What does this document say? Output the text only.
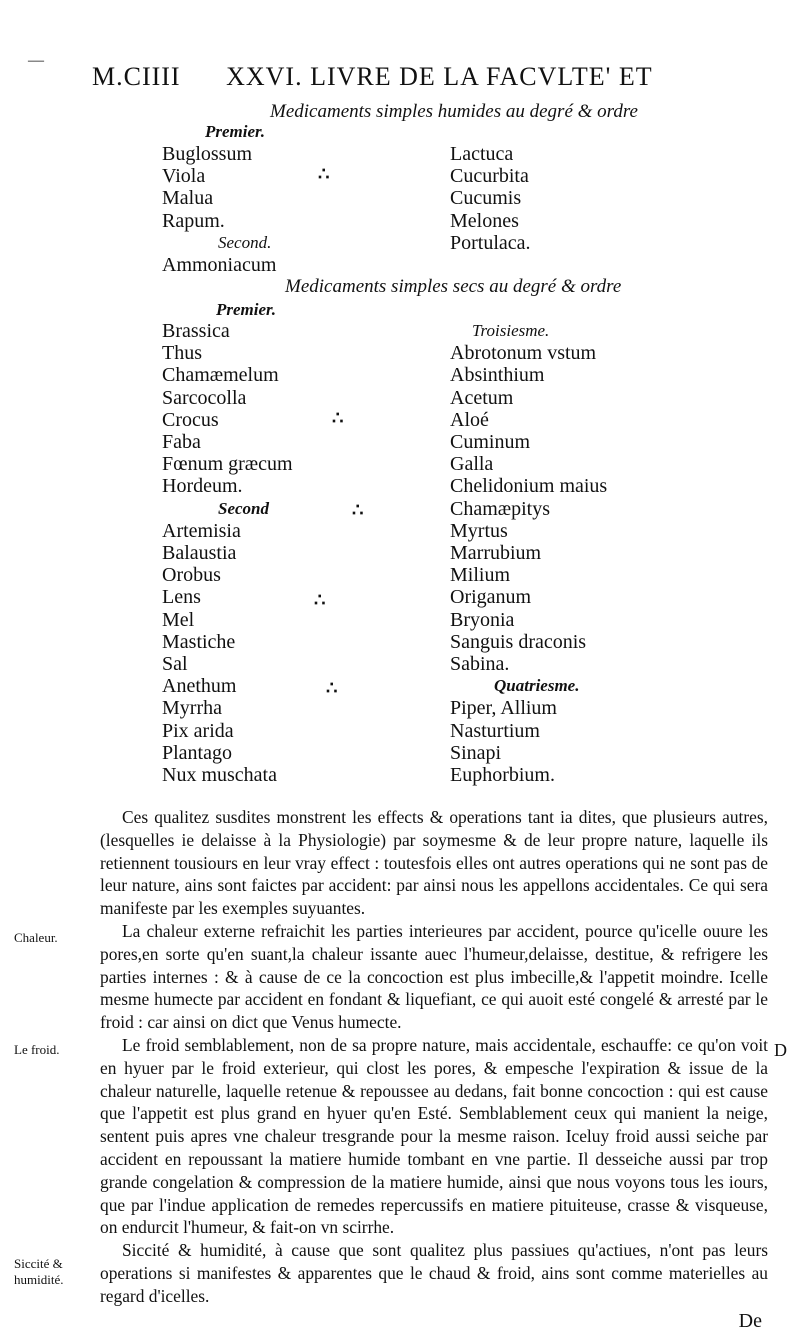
—
M.CIIII XXVI. LIVRE DE LA FACVLTE' ET
Medicaments simples humides au degré & ordre
Premier.
Buglossum
Viola
Malua
Rapum.
Second.
Ammoniacum
∴
Lactuca
Cucurbita
Cucumis
Melones
Portulaca.
Medicaments simples secs au degré & ordre
Premier.
Brassica
Thus
Chamæmelum
Sarcocolla
Crocus
Faba
Fœnum græcum
Hordeum.
Second
Artemisia
Balaustia
Orobus
Lens
Mel
Mastiche
Sal
Anethum
Myrrha
Pix arida
Plantago
Nux muschata
∴
∴
∴
∴
Troisiesme.
Abrotonum vstum
Absinthium
Acetum
Aloé
Cuminum
Galla
Chelidonium maius
Chamæpitys
Myrtus
Marrubium
Milium
Origanum
Bryonia
Sanguis draconis
Sabina.
Quatriesme.
Piper, Allium
Nasturtium
Sinapi
Euphorbium.

Ces qualitez susdites monstrent les effects & operations tant ia dites, que plusieurs autres, (lesquelles ie delaisse à la Physiologie) par soymesme & de leur propre nature, laquelle ils retiennent tousiours en leur vray effect : toutesfois elles ont autres operations qui ne sont pas de leur nature, ains sont faictes par accident: par ainsi nous les appellons accidentales. Ce qui sera manifeste par les exemples suyuantes.

La chaleur externe refraichit les parties interieures par accident, pource qu'icelle ouure les pores,en sorte qu'en suant,la chaleur issante auec l'humeur,delaisse, destitue, & refrigere les parties internes : & à cause de ce la concoction est plus imbecille,& l'appetit moindre. Icelle mesme humecte par accident en fondant & liquefiant, ce qui auoit esté congelé & arresté par le froid : car ainsi on dict que Venus humecte.

Le froid semblablement, non de sa propre nature, mais accidentale, eschauffe: ce qu'on voit en hyuer par le froid exterieur, qui clost les pores, & empesche l'expiration & issue de la chaleur naturelle, laquelle retenue & repoussee au dedans, fait bonne concoction : qui est cause que l'appetit est plus grand en hyuer qu'en Esté. Semblablement ceux qui manient la neige, sentent puis apres vne chaleur tresgrande pour la mesme raison. Iceluy froid aussi seiche par accident en repoussant la matiere humide tombant en vne partie. Il desseiche aussi par trop grande congelation & compression de la matiere humide, ainsi que nous voyons tous les iours, que par l'indue application de remedes repercussifs en matiere pituiteuse, crasse & visqueuse, on endurcit l'humeur, & fait-on vn scirrhe.

Siccité & humidité, à cause que sont qualitez plus passiues qu'actiues, n'ont pas leurs operations si manifestes & apparentes que le chaud & froid, ains sont comme materielles au regard d'icelles.

Chaleur.
Le froid.
Siccité &
humidité.
D
De
